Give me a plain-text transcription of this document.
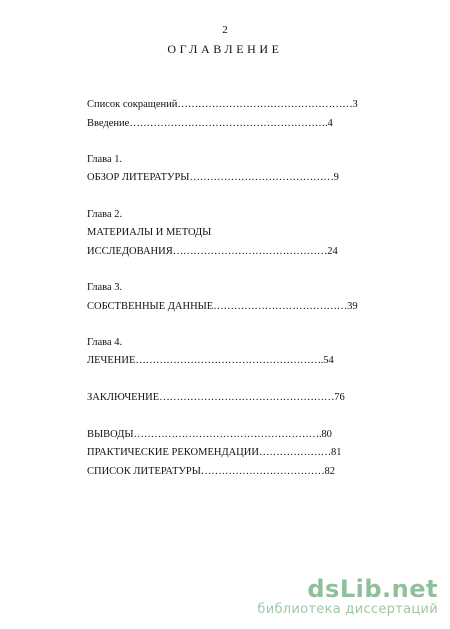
2
ОГЛАВЛЕНИЕ
Список сокращений……………………………………………3
Введение………………………………………………….4
Глава 1.
ОБЗОР ЛИТЕРАТУРЫ……………………………………9
Глава 2.
МАТЕРИАЛЫ И МЕТОДЫ
ИССЛЕДОВАНИЯ………………………………………24
Глава 3.
СОБСТВЕННЫЕ ДАННЫЕ…………………………………39
Глава 4.
ЛЕЧЕНИЕ……………………………………………….54
ЗАКЛЮЧЕНИЕ……………………………………………76
ВЫВОДЫ……………………………………………….80
ПРАКТИЧЕСКИЕ РЕКОМЕНДАЦИИ…………………81
СПИСОК ЛИТЕРАТУРЫ………………………………82
dsLib.net
библиотека диссертаций
